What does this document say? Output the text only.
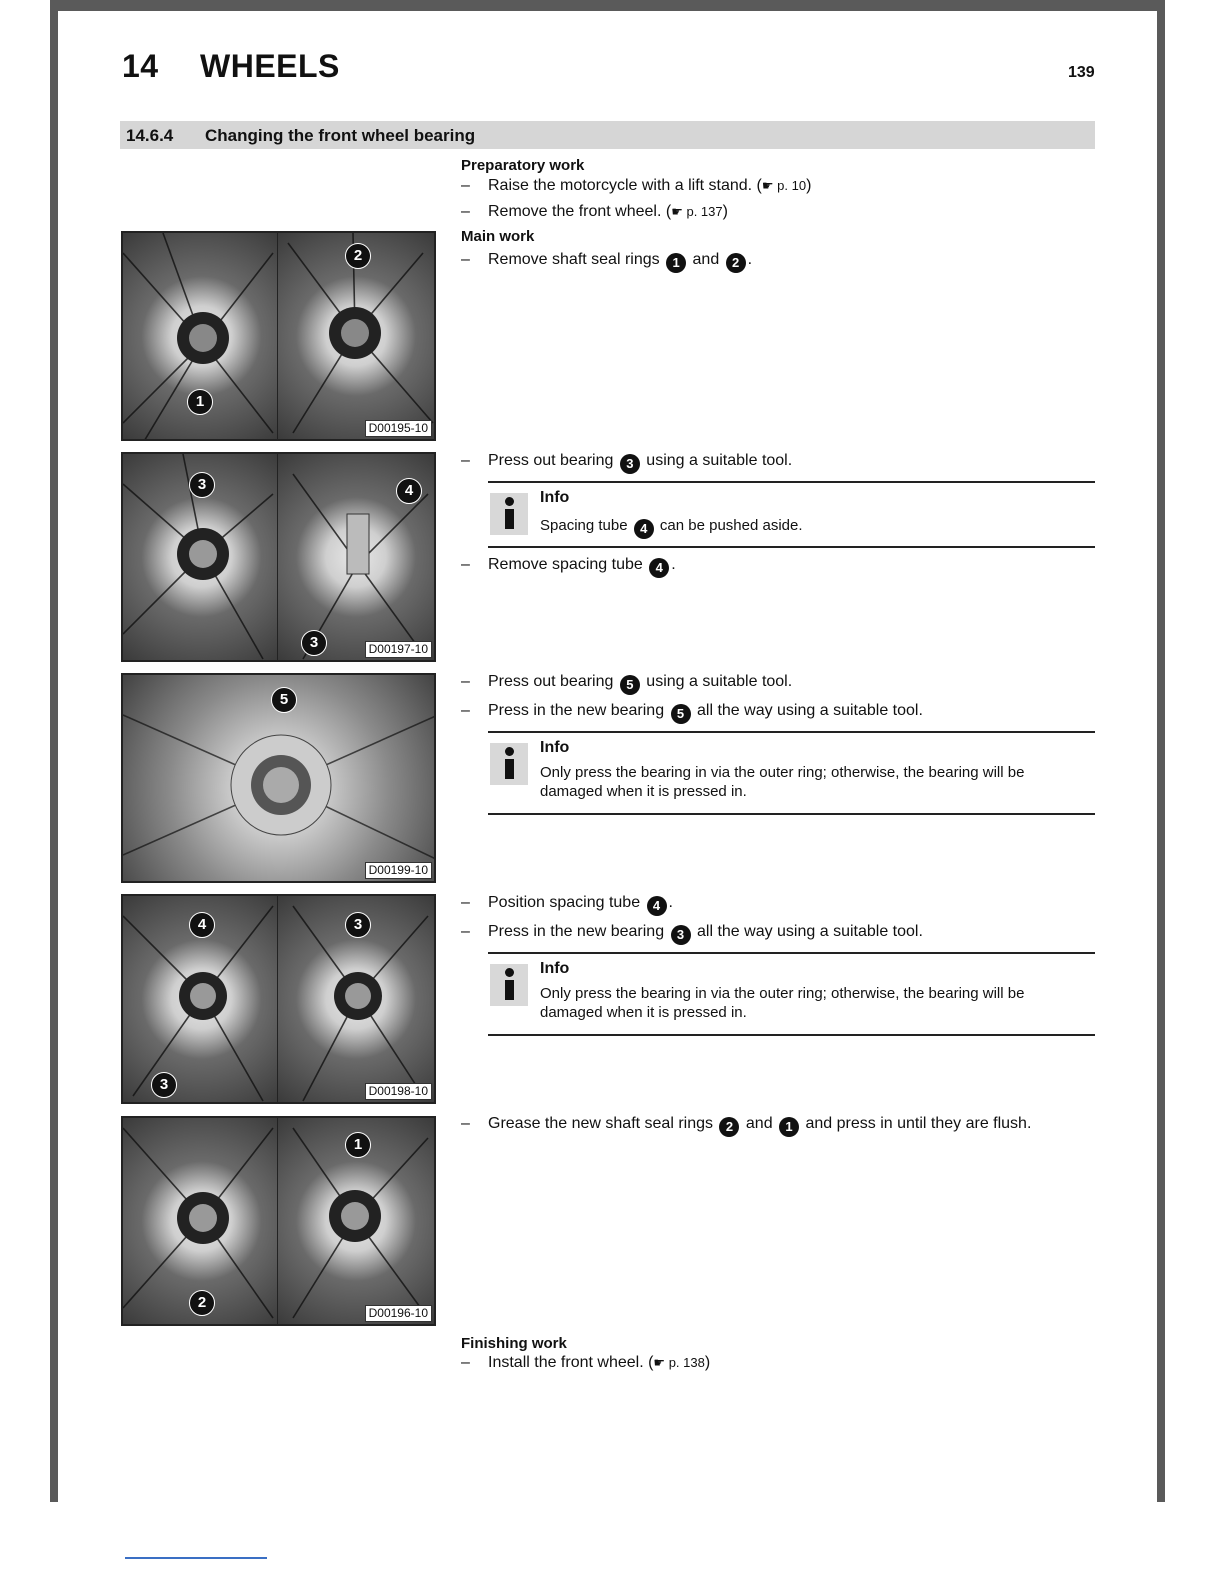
14 WHEELS	139
14.6.4 Changing the front wheel bearing
1
2
D00195-10
3	4
3	D00197-10
5
D00199-10
4	3
3	D00198-10
2
1
D00196-10
Preparatory work
– Raise the motorcycle with a lift stand. (☛ p. 10)
– Remove the front wheel. (☛ p. 137)
Main work
– Remove shaft seal rings 1 and 2 .
– Press out bearing 3 using a suitable tool.
Info
Spacing tube 4 can be pushed aside.
– Remove spacing tube 4 .
– Press out bearing 5 using a suitable tool.
– Press in the new bearing 5 all the way using a suitable tool.
Info
Only press the bearing in via the outer ring; otherwise, the bearing will be damaged when it is pressed in.
– Position spacing tube 4 .
– Press in the new bearing 3 all the way using a suitable tool.
Info
Only press the bearing in via the outer ring; otherwise, the bearing will be damaged when it is pressed in.
– Grease the new shaft seal rings 2 and 1 and press in until they are flush.
Finishing work
– Install the front wheel. (☛ p. 138)
